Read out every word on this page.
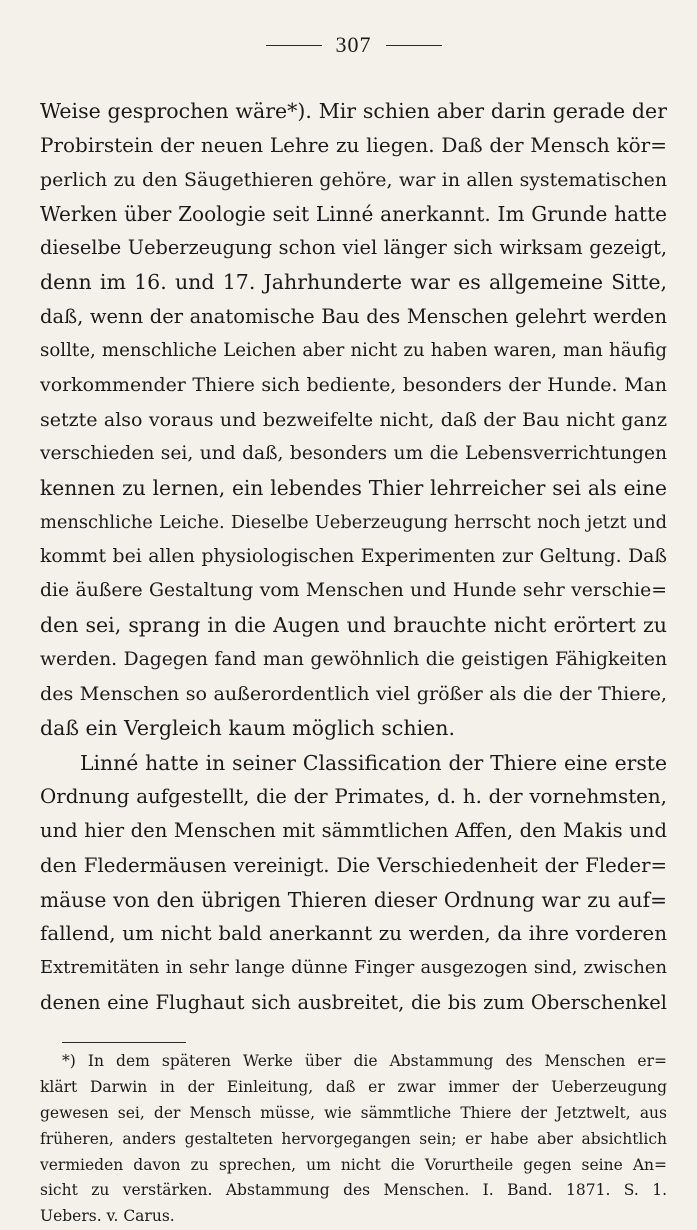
307
Weise gesprochen wäre*). Mir schien aber darin gerade der
Probirstein der neuen Lehre zu liegen. Daß der Mensch kör=
perlich zu den Säugethieren gehöre, war in allen systematischen
Werken über Zoologie seit Linné anerkannt. Im Grunde hatte
dieselbe Ueberzeugung schon viel länger sich wirksam gezeigt,
denn im 16. und 17. Jahrhunderte war es allgemeine Sitte,
daß, wenn der anatomische Bau des Menschen gelehrt werden
sollte, menschliche Leichen aber nicht zu haben waren, man häufig
vorkommender Thiere sich bediente, besonders der Hunde. Man
setzte also voraus und bezweifelte nicht, daß der Bau nicht ganz
verschieden sei, und daß, besonders um die Lebensverrichtungen
kennen zu lernen, ein lebendes Thier lehrreicher sei als eine
menschliche Leiche. Dieselbe Ueberzeugung herrscht noch jetzt und
kommt bei allen physiologischen Experimenten zur Geltung. Daß
die äußere Gestaltung vom Menschen und Hunde sehr verschie=
den sei, sprang in die Augen und brauchte nicht erörtert zu
werden. Dagegen fand man gewöhnlich die geistigen Fähigkeiten
des Menschen so außerordentlich viel größer als die der Thiere,
daß ein Vergleich kaum möglich schien.
Linné hatte in seiner Classification der Thiere eine erste
Ordnung aufgestellt, die der Primates, d. h. der vornehmsten,
und hier den Menschen mit sämmtlichen Affen, den Makis und
den Fledermäusen vereinigt. Die Verschiedenheit der Fleder=
mäuse von den übrigen Thieren dieser Ordnung war zu auf=
fallend, um nicht bald anerkannt zu werden, da ihre vorderen
Extremitäten in sehr lange dünne Finger ausgezogen sind, zwischen
denen eine Flughaut sich ausbreitet, die bis zum Oberschenkel
*) In dem späteren Werke über die Abstammung des Menschen er=
klärt Darwin in der Einleitung, daß er zwar immer der Ueberzeugung
gewesen sei, der Mensch müsse, wie sämmtliche Thiere der Jetztwelt, aus
früheren, anders gestalteten hervorgegangen sein; er habe aber absichtlich
vermieden davon zu sprechen, um nicht die Vorurtheile gegen seine An=
sicht zu verstärken. Abstammung des Menschen. I. Band. 1871. S. 1.
Uebers. v. Carus.
